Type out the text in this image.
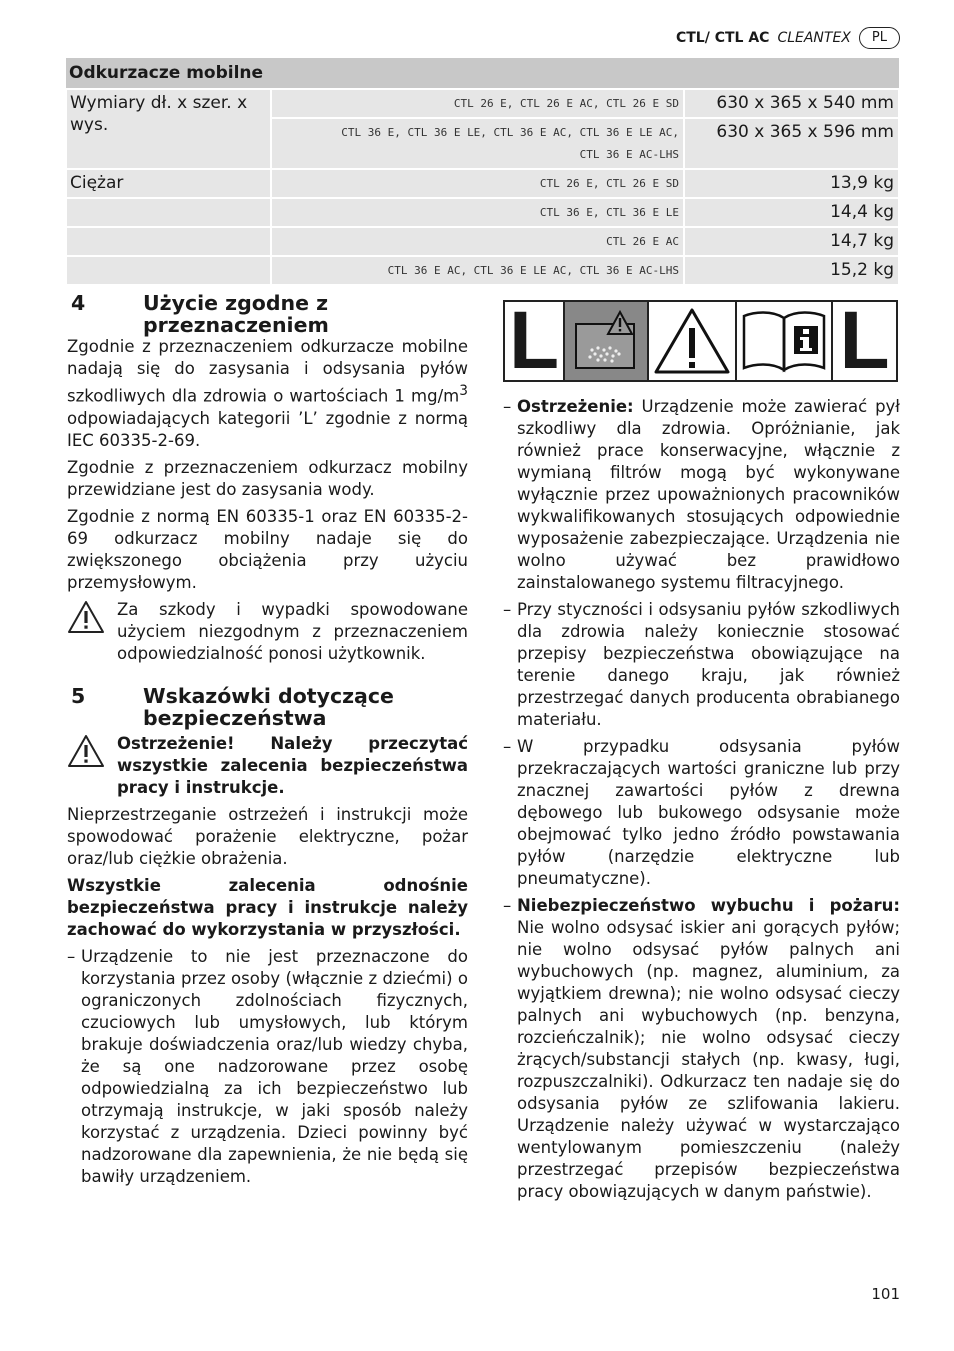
CTL/ CTL AC CLEANTEX	PL
Odkurzacze mobilne		
Wymiary dł. x szer. x wys.	CTL 26 E, CTL 26 E AC, CTL 26 E SD	630 x 365 x 540 mm
	CTL 36 E, CTL 36 E LE, CTL 36 E AC, CTL 36 E LE AC,
CTL 36 E AC-LHS	630 x 365 x 596 mm
Ciężar	CTL 26 E, CTL 26 E SD	13,9 kg
	CTL 36 E, CTL 36 E LE	14,4 kg
	CTL 26 E AC	14,7 kg
	CTL 36 E AC, CTL 36 E LE AC, CTL 36 E AC-LHS	15,2 kg
4	Użycie zgodne z przeznaczeniem

Zgodnie z przeznaczeniem odkurzacze mobilne nadają się do zasysania i odsysania pyłów szkodliwych dla zdrowia o wartościach 1 $mg/m^3$ odpowiadających kategorii ’L’ zgodnie z normą IEC 60335-2-69.

Zgodnie z przeznaczeniem odkurzacz mobilny przewidziane jest do zasysania wody.

Zgodnie z normą EN 60335-1 oraz EN 60335-2-69 odkurzacz mobilny nadaje się do zwiększonego obciążenia przy użyciu przemysłowym.

Za szkody i wypadki spowodowane użyciem niezgodnym z przeznaczeniem odpowiedzialność ponosi użytkownik.

5	Wskazówki dotyczące bezpieczeństwa

Ostrzeżenie! Należy przeczytać wszystkie zalecenia bezpieczeństwa pracy i instrukcje.

Nieprzestrzeganie ostrzeżeń i instrukcji może spowodować porażenie elektryczne, pożar oraz/lub ciężkie obrażenia.

Wszystkie zalecenia odnośnie bezpieczeństwa pracy i instrukcje należy zachować do wykorzystania w przyszłości.

– Urządzenie to nie jest przeznaczone do korzystania przez osoby (włącznie z dziećmi) o ograniczonych zdolnościach fizycznych, czuciowych lub umysłowych, lub którym brakuje doświadczenia oraz/lub wiedzy chyba, że są one nadzorowane przez osobę odpowiedzialną za ich bezpieczeństwo lub otrzymają instrukcje, w jaki sposób należy korzystać z urządzenia. Dzieci powinny być nadzorowane dla zapewnienia, że nie będą się bawiły urządzeniem.
L	L
– Ostrzeżenie: Urządzenie może zawierać pył szkodliwy dla zdrowia. Opróżnianie, jak również prace konserwacyjne, włącznie z wymianą filtrów mogą być wykonywane wyłącznie przez upoważnionych pracowników wykwalifikowanych stosujących odpowiednie wyposażenie zabezpieczające. Urządzenia nie wolno używać bez prawidłowo zainstalowanego systemu filtracyjnego.
– Przy styczności i odsysaniu pyłów szkodliwych dla zdrowia należy koniecznie stosować przepisy bezpieczeństwa obowiązujące na terenie danego kraju, jak również przestrzegać danych producenta obrabianego materiału.
– W przypadku odsysania pyłów przekraczających wartości graniczne lub przy znacznej zawartości pyłów z drewna dębowego lub bukowego odsysanie może obejmować tylko jedno źródło powstawania pyłów (narzędzie elektryczne lub pneumatyczne).
– Niebezpieczeństwo wybuchu i pożaru: Nie wolno odsysać iskier ani gorących pyłów; nie wolno odsysać pyłów palnych ani wybuchowych (np. magnez, aluminium, za wyjątkiem drewna); nie wolno odsysać cieczy palnych ani wybuchowych (np. benzyna, rozcieńczalnik); nie wolno odsysać cieczy żrących/substancji stałych (np. kwasy, ługi, rozpuszczalniki). Odkurzacz ten nadaje się do odsysania pyłów ze szlifowania lakieru. Urządzenie należy używać w wystarczająco wentylowanym pomieszczeniu (należy przestrzegać przepisów bezpieczeństwa pracy obowiązujących w danym państwie).
101
